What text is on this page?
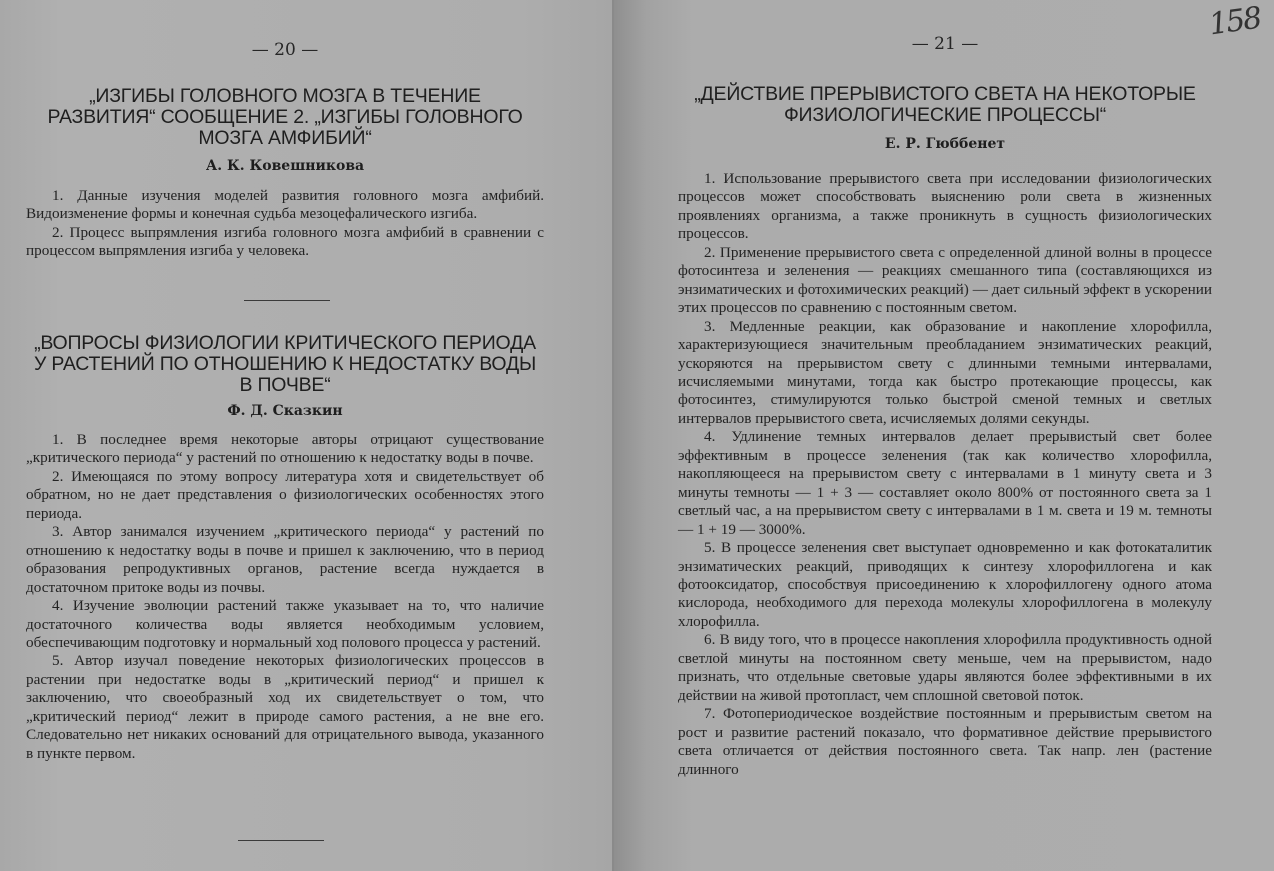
— 20 —
„ИЗГИБЫ ГОЛОВНОГО МОЗГА В ТЕЧЕНИЕ РАЗВИТИЯ“ СООБЩЕНИЕ 2. „ИЗГИБЫ ГОЛОВНОГО МОЗГА АМФИБИЙ“
А. К. Ковешникова

1. Данные изучения моделей развития головного мозга амфибий. Видоизменение формы и конечная судьба мезоцефалического изгиба.

2. Процесс выпрямления изгиба головного мозга амфибий в сравнении с процессом выпрямления изгиба у человека.

„ВОПРОСЫ ФИЗИОЛОГИИ КРИТИЧЕСКОГО ПЕРИОДА У РАСТЕНИЙ ПО ОТНОШЕНИЮ К НЕДОСТАТКУ ВОДЫ В ПОЧВЕ“
Ф. Д. Сказкин

1. В последнее время некоторые авторы отрицают существование „критического периода“ у растений по отношению к недостатку воды в почве.

2. Имеющаяся по этому вопросу литература хотя и свидетельствует об обратном, но не дает представления о физиологических особенностях этого периода.

3. Автор занимался изучением „критического периода“ у растений по отношению к недостатку воды в почве и пришел к заключению, что в период образования репродуктивных органов, растение всегда нуждается в достаточном притоке воды из почвы.

4. Изучение эволюции растений также указывает на то, что наличие достаточного количества воды является необходимым условием, обеспечивающим подготовку и нормальный ход полового процесса у растений.

5. Автор изучал поведение некоторых физиологических процессов в растении при недостатке воды в „критический период“ и пришел к заключению, что своеобразный ход их свидетельствует о том, что „критический период“ лежит в природе самого растения, а не вне его. Следовательно нет никаких оснований для отрицательного вывода, указанного в пункте первом.

158
— 21 —
„ДЕЙСТВИЕ ПРЕРЫВИСТОГО СВЕТА НА НЕКОТОРЫЕ ФИЗИОЛОГИЧЕСКИЕ ПРОЦЕССЫ“
Е. Р. Гюббенет

1. Использование прерывистого света при исследовании физиологических процессов может способствовать выяснению роли света в жизненных проявлениях организма, а также проникнуть в сущность физиологических процессов.

2. Применение прерывистого света с определенной длиной волны в процессе фотосинтеза и зеленения — реакциях смешанного типа (составляющихся из энзиматических и фотохимических реакций) — дает сильный эффект в ускорении этих процессов по сравнению с постоянным светом.

3. Медленные реакции, как образование и накопление хлорофилла, характеризующиеся значительным преобладанием энзиматических реакций, ускоряются на прерывистом свету с длинными темными интервалами, исчисляемыми минутами, тогда как быстро протекающие процессы, как фотосинтез, стимулируются только быстрой сменой темных и светлых интервалов прерывистого света, исчисляемых долями секунды.

4. Удлинение темных интервалов делает прерывистый свет более эффективным в процессе зеленения (так как количество хлорофилла, накопляющееся на прерывистом свету с интервалами в 1 минуту света и 3 минуты темноты — 1 + 3 — составляет около 800% от постоянного света за 1 светлый час, а на прерывистом свету с интервалами в 1 м. света и 19 м. темноты — 1 + 19 — 3000%.

5. В процессе зеленения свет выступает одновременно и как фотокаталитик энзиматических реакций, приводящих к синтезу хлорофиллогена и как фотооксидатор, способствуя присоединению к хлорофиллогену одного атома кислорода, необходимого для перехода молекулы хлорофиллогена в молекулу хлорофилла.

6. В виду того, что в процессе накопления хлорофилла продуктивность одной светлой минуты на постоянном свету меньше, чем на прерывистом, надо признать, что отдельные световые удары являются более эффективными в их действии на живой протопласт, чем сплошной световой поток.

7. Фотопериодическое воздействие постоянным и прерывистым светом на рост и развитие растений показало, что формативное действие прерывистого света отличается от действия постоянного света. Так напр. лен (растение длинного
